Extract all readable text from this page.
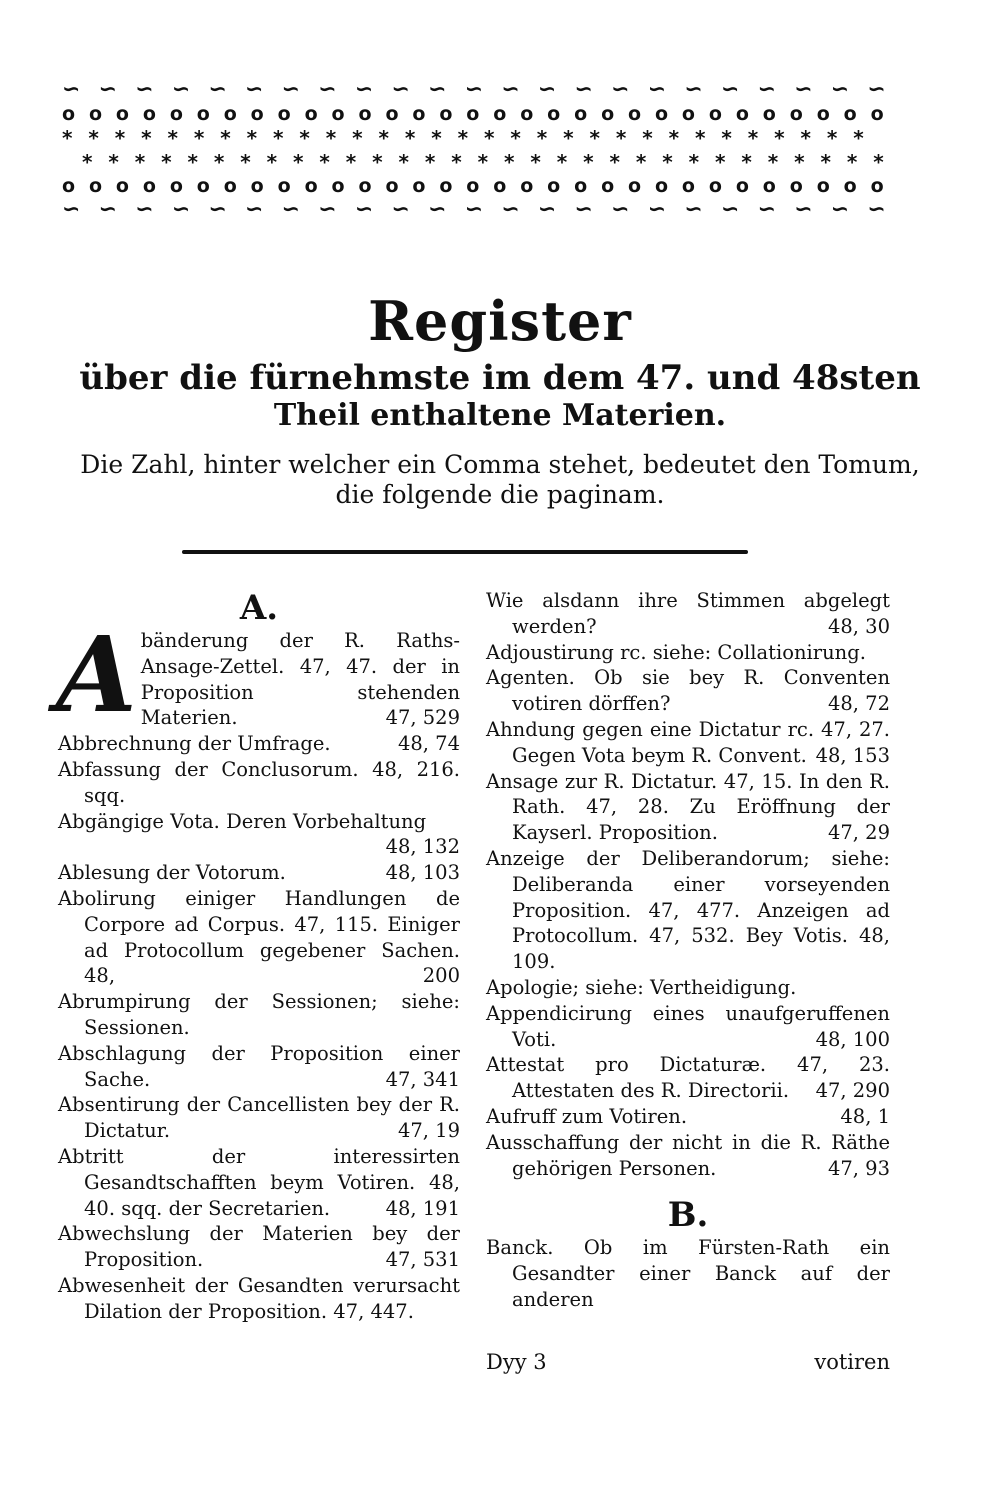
∽ ∽ ∽ ∽ ∽ ∽ ∽ ∽ ∽ ∽ ∽ ∽ ∽ ∽ ∽ ∽ ∽ ∽ ∽ ∽ ∽ ∽ ∽
o o o o o o o o o o o o o o o o o o o o o o o o o o o o o o o
* * * * * * * * * * * * * * * * * * * * * * * * * * * * * * *
* * * * * * * * * * * * * * * * * * * * * * * * * * * * * * *
o o o o o o o o o o o o o o o o o o o o o o o o o o o o o o o
∽ ∽ ∽ ∽ ∽ ∽ ∽ ∽ ∽ ∽ ∽ ∽ ∽ ∽ ∽ ∽ ∽ ∽ ∽ ∽ ∽ ∽ ∽
Register
über die fürnehmste im dem 47. und 48sten
Theil enthaltene Materien.
Die Zahl, hinter welcher ein Comma stehet, bedeutet den Tomum,
die folgende die paginam.
A.
A bänderung der R. Raths-Ansage-Zettel. 47, 47. der in Proposition stehenden Materien.	47, 529
Abbrechnung der Umfrage.	48, 74
Abfassung der Conclusorum. 48, 216. sqq.
Abgängige Vota. Deren Vorbehaltung
48, 132
Ablesung der Votorum.	48, 103
Abolirung einiger Handlungen de Corpore ad Corpus. 47, 115. Einiger ad Protocollum gegebener Sachen. 48,	200
Abrumpirung der Sessionen; siehe: Sessionen.
Abschlagung der Proposition einer Sache.	47, 341
Absentirung der Cancellisten bey der R. Dictatur.	47, 19
Abtritt der interessirten Gesandtschafften beym Votiren. 48, 40. sqq. der Secretarien.	48, 191
Abwechslung der Materien bey der Proposition.	47, 531
Abwesenheit der Gesandten verursacht Dilation der Proposition. 47, 447.
Wie alsdann ihre Stimmen abgelegt werden?	48, 30
Adjoustirung rc. siehe: Collationirung.
Agenten. Ob sie bey R. Conventen votiren dörffen?	48, 72
Ahndung gegen eine Dictatur rc. 47, 27. Gegen Vota beym R. Convent. 48, 153
Ansage zur R. Dictatur. 47, 15. In den R. Rath. 47, 28. Zu Eröffnung der Kayserl. Proposition.	47, 29
Anzeige der Deliberandorum; siehe: Deliberanda einer vorseyenden Proposition. 47, 477. Anzeigen ad Protocollum. 47, 532. Bey Votis. 48, 109.
Apologie; siehe: Vertheidigung.
Appendicirung eines unaufgeruffenen Voti.	48, 100
Attestat pro Dictaturæ. 47, 23. Attestaten des R. Directorii. 47, 290
Aufruff zum Votiren.	48, 1
Ausschaffung der nicht in die R. Räthe gehörigen Personen.	47, 93
B.
Banck. Ob im Fürsten-Rath ein Gesandter einer Banck auf der anderen
Dyy 3	votiren
